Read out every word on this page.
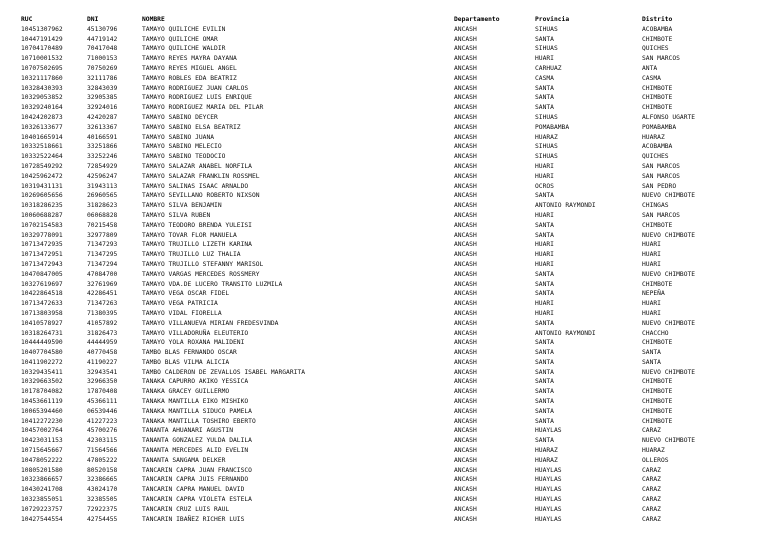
RUC	DNI	NOMBRE	Departamento	Provincia	Distrito
10451307962	45130796	TAMAYO QUILICHE EVILIN	ANCASH	SIHUAS	ACOBAMBA
10447191429	44719142	TAMAYO QUILICHE OMAR	ANCASH	SANTA	CHIMBOTE
10704170489	70417048	TAMAYO QUILICHE WALDIR	ANCASH	SIHUAS	QUICHES
10710001532	71000153	TAMAYO REYES MAYRA DAYANA	ANCASH	HUARI	SAN MARCOS
10707502695	70750269	TAMAYO REYES MIGUEL ANGEL	ANCASH	CARHUAZ	ANTA
10321117860	32111786	TAMAYO ROBLES EDA BEATRIZ	ANCASH	CASMA	CASMA
10328430393	32843039	TAMAYO RODRIGUEZ JUAN CARLOS	ANCASH	SANTA	CHIMBOTE
10329053852	32905385	TAMAYO RODRIGUEZ LUIS ENRIQUE	ANCASH	SANTA	CHIMBOTE
10329240164	32924016	TAMAYO RODRIGUEZ MARIA DEL PILAR	ANCASH	SANTA	CHIMBOTE
10424202873	42420287	TAMAYO SABINO DEYCER	ANCASH	SIHUAS	ALFONSO UGARTE
10326133677	32613367	TAMAYO SABINO ELSA BEATRIZ	ANCASH	POMABAMBA	POMABAMBA
10401665914	40166591	TAMAYO SABINO JUANA	ANCASH	HUARAZ	HUARAZ
10332518661	33251866	TAMAYO SABINO MELECIO	ANCASH	SIHUAS	ACOBAMBA
10332522464	33252246	TAMAYO SABINO TEODOCIO	ANCASH	SIHUAS	QUICHES
10728549292	72854929	TAMAYO SALAZAR ANABEL NORFILA	ANCASH	HUARI	SAN MARCOS
10425962472	42596247	TAMAYO SALAZAR FRANKLIN ROSSMEL	ANCASH	HUARI	SAN MARCOS
10319431131	31943113	TAMAYO SALINAS ISAAC ARNALDO	ANCASH	OCROS	SAN PEDRO
10269605656	26960565	TAMAYO SEVILLANO ROBERTO NIXSON	ANCASH	SANTA	NUEVO CHIMBOTE
10318286235	31828623	TAMAYO SILVA BENJAMIN	ANCASH	ANTONIO RAYMONDI	CHINGAS
10060688287	06068828	TAMAYO SILVA RUBEN	ANCASH	HUARI	SAN MARCOS
10702154583	70215458	TAMAYO TEODORO BRENDA YULEISI	ANCASH	SANTA	CHIMBOTE
10329778091	32977809	TAMAYO TOVAR FLOR MANUELA	ANCASH	SANTA	NUEVO CHIMBOTE
10713472935	71347293	TAMAYO TRUJILLO LIZETH KARINA	ANCASH	HUARI	HUARI
10713472951	71347295	TAMAYO TRUJILLO LUZ THALIA	ANCASH	HUARI	HUARI
10713472943	71347294	TAMAYO TRUJILLO STEFANNY MARISOL	ANCASH	HUARI	HUARI
10470847005	47084700	TAMAYO VARGAS MERCEDES ROSSMERY	ANCASH	SANTA	NUEVO CHIMBOTE
10327619697	32761969	TAMAYO VDA.DE LUCERO TRANSITO LUZMILA	ANCASH	SANTA	CHIMBOTE
10422864518	42286451	TAMAYO VEGA OSCAR FIDEL	ANCASH	SANTA	NEPEÑA
10713472633	71347263	TAMAYO VEGA PATRICIA	ANCASH	HUARI	HUARI
10713803958	71380395	TAMAYO VIDAL FIORELLA	ANCASH	HUARI	HUARI
10410578927	41057892	TAMAYO VILLANUEVA MIRIAN FREDESVINDA	ANCASH	SANTA	NUEVO CHIMBOTE
10318264731	31826473	TAMAYO VILLADORUÑA ELEUTERIO	ANCASH	ANTONIO RAYMONDI	CHACCHO
10444449590	44444959	TAMAYO YOLA ROXANA MALIDENI	ANCASH	SANTA	CHIMBOTE
10407704580	40770458	TAMBO BLAS FERNANDO OSCAR	ANCASH	SANTA	SANTA
10411902272	41190227	TAMBO BLAS VILMA ALICIA	ANCASH	SANTA	SANTA
10329435411	32943541	TAMBO CALDERON DE ZEVALLOS ISABEL MARGARITA	ANCASH	SANTA	NUEVO CHIMBOTE
10329663502	32966350	TANAKA CAPURRO AKIKO YESSICA	ANCASH	SANTA	CHIMBOTE
10178704082	17870408	TANAKA GRACEY GUILLERMO	ANCASH	SANTA	CHIMBOTE
10453661119	45366111	TANAKA MANTILLA EIKO MISHIKO	ANCASH	SANTA	CHIMBOTE
10065394460	06539446	TANAKA MANTILLA SIDUCO PAMELA	ANCASH	SANTA	CHIMBOTE
10412272230	41227223	TANAKA MANTILLA TOSHIRO EBERTO	ANCASH	SANTA	CHIMBOTE
10457002764	45700276	TANANTA AHUANARI AGUSTIN	ANCASH	HUAYLAS	CARAZ
10423031153	42303115	TANANTA GONZALEZ YULDA DALILA	ANCASH	SANTA	NUEVO CHIMBOTE
10715645667	71564566	TANANTA MERCEDES ALID EVELIN	ANCASH	HUARAZ	HUARAZ
10478052222	47805222	TANANTA SANGAMA DELKER	ANCASH	HUARAZ	OLLEROS
10805201580	80520158	TANCARIN CAPRA JUAN FRANCISCO	ANCASH	HUAYLAS	CARAZ
10323866657	32386665	TANCARIN CAPRA JUIS FERNANDO	ANCASH	HUAYLAS	CARAZ
10430241708	43024170	TANCARIN CAPRA MANUEL DAVID	ANCASH	HUAYLAS	CARAZ
10323855051	32385505	TANCARIN CAPRA VIOLETA ESTELA	ANCASH	HUAYLAS	CARAZ
10729223757	72922375	TANCARIN CRUZ LUIS RAUL	ANCASH	HUAYLAS	CARAZ
10427544554	42754455	TANCARIN IBAÑEZ RICHER LUIS	ANCASH	HUAYLAS	CARAZ
